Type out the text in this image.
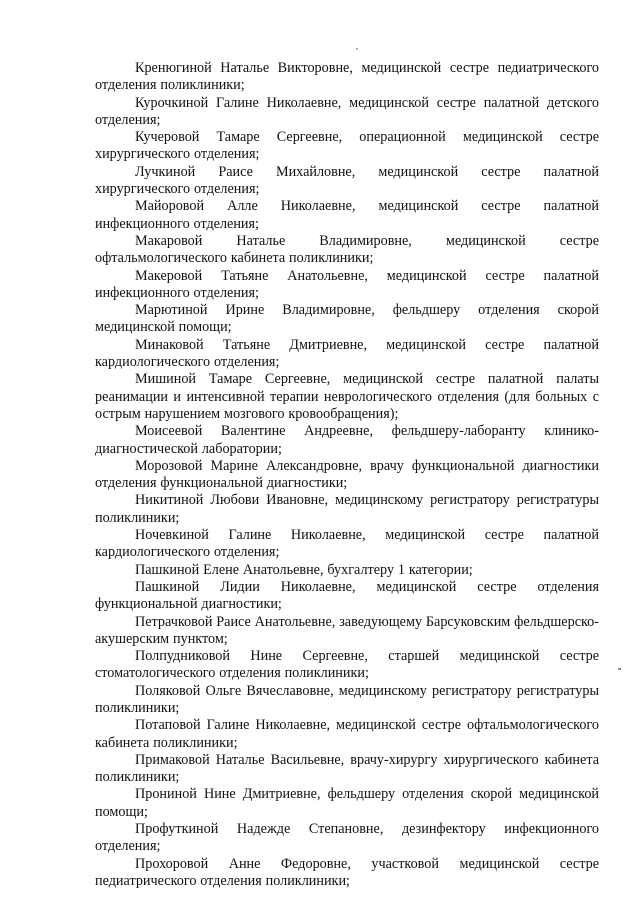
Кренюгиной Наталье Викторовне, медицинской сестре педиатрического отделения поликлиники;

Курочкиной Галине Николаевне, медицинской сестре палатной детского отделения;

Кучеровой Тамаре Сергеевне, операционной медицинской сестре хирургического отделения;

Лучкиной Раисе Михайловне, медицинской сестре палатной хирургического отделения;

Майоровой Алле Николаевне, медицинской сестре палатной инфекционного отделения;

Макаровой Наталье Владимировне, медицинской сестре офтальмологического кабинета поликлиники;

Макеровой Татьяне Анатольевне, медицинской сестре палатной инфекционного отделения;

Марютиной Ирине Владимировне, фельдшеру отделения скорой медицинской помощи;

Минаковой Татьяне Дмитриевне, медицинской сестре палатной кардиологического отделения;

Мишиной Тамаре Сергеевне, медицинской сестре палатной палаты реанимации и интенсивной терапии неврологического отделения (для больных с острым нарушением мозгового кровообращения);

Моисеевой Валентине Андреевне, фельдшеру-лаборанту клинико-диагностической лаборатории;

Морозовой Марине Александровне, врачу функциональной диагностики отделения функциональной диагностики;

Никитиной Любови Ивановне, медицинскому регистратору регистратуры поликлиники;

Ночевкиной Галине Николаевне, медицинской сестре палатной кардиологического отделения;

Пашкиной Елене Анатольевне, бухгалтеру 1 категории;

Пашкиной Лидии Николаевне, медицинской сестре отделения функциональной диагностики;

Петрачковой Раисе Анатольевне, заведующему Барсуковским фельдшерско-акушерским пунктом;

Полпудниковой Нине Сергеевне, старшей медицинской сестре стоматологического отделения поликлиники;

Поляковой Ольге Вячеславовне, медицинскому регистратору регистратуры поликлиники;

Потаповой Галине Николаевне, медицинской сестре офтальмологического кабинета поликлиники;

Примаковой Наталье Васильевне, врачу-хирургу хирургического кабинета поликлиники;

Прониной Нине Дмитриевне, фельдшеру отделения скорой медицинской помощи;

Профуткиной Надежде Степановне, дезинфектору инфекционного отделения;

Прохоровой Анне Федоровне, участковой медицинской сестре педиатрического отделения поликлиники;
